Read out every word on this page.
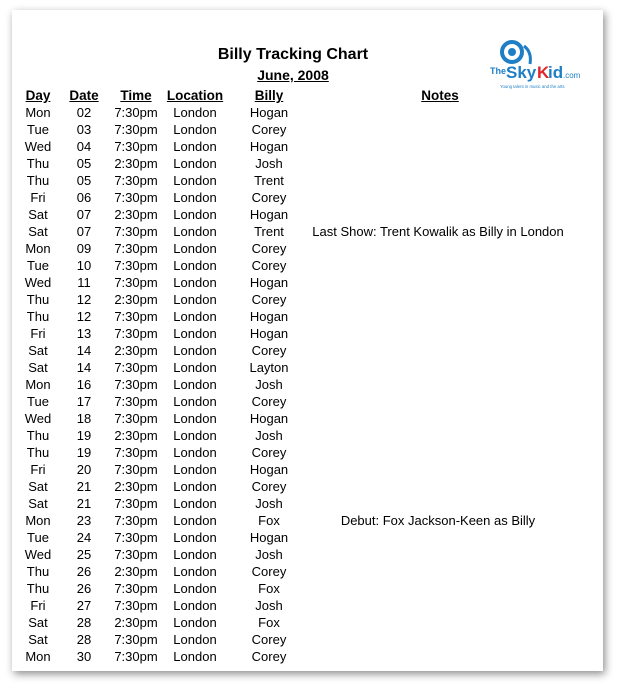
Billy Tracking Chart
June, 2008	The Sky K
id .com
Young talent in music and the arts
Day	Date	Time	Location	Billy	Notes
Mon	02	7:30pm	London	Hogan
Tue	03	7:30pm	London	Corey
Wed	04	7:30pm	London	Hogan
Thu	05	2:30pm	London	Josh
Thu	05	7:30pm	London	Trent
Fri	06	7:30pm	London	Corey
Sat	07	2:30pm	London	Hogan
Sat	07	7:30pm	London	Trent	Last Show: Trent Kowalik as Billy in London
Mon	09	7:30pm	London	Corey
Tue	10	7:30pm	London	Corey
Wed	11	7:30pm	London	Hogan
Thu	12	2:30pm	London	Corey
Thu	12	7:30pm	London	Hogan
Fri	13	7:30pm	London	Hogan
Sat	14	2:30pm	London	Corey
Sat	14	7:30pm	London	Layton
Mon	16	7:30pm	London	Josh
Tue	17	7:30pm	London	Corey
Wed	18	7:30pm	London	Hogan
Thu	19	2:30pm	London	Josh
Thu	19	7:30pm	London	Corey
Fri	20	7:30pm	London	Hogan
Sat	21	2:30pm	London	Corey
Sat	21	7:30pm	London	Josh
Mon	23	7:30pm	London	Fox	Debut: Fox Jackson-Keen as Billy
Tue	24	7:30pm	London	Hogan
Wed	25	7:30pm	London	Josh
Thu	26	2:30pm	London	Corey
Thu	26	7:30pm	London	Fox
Fri	27	7:30pm	London	Josh
Sat	28	2:30pm	London	Fox
Sat	28	7:30pm	London	Corey
Mon	30	7:30pm	London	Corey
